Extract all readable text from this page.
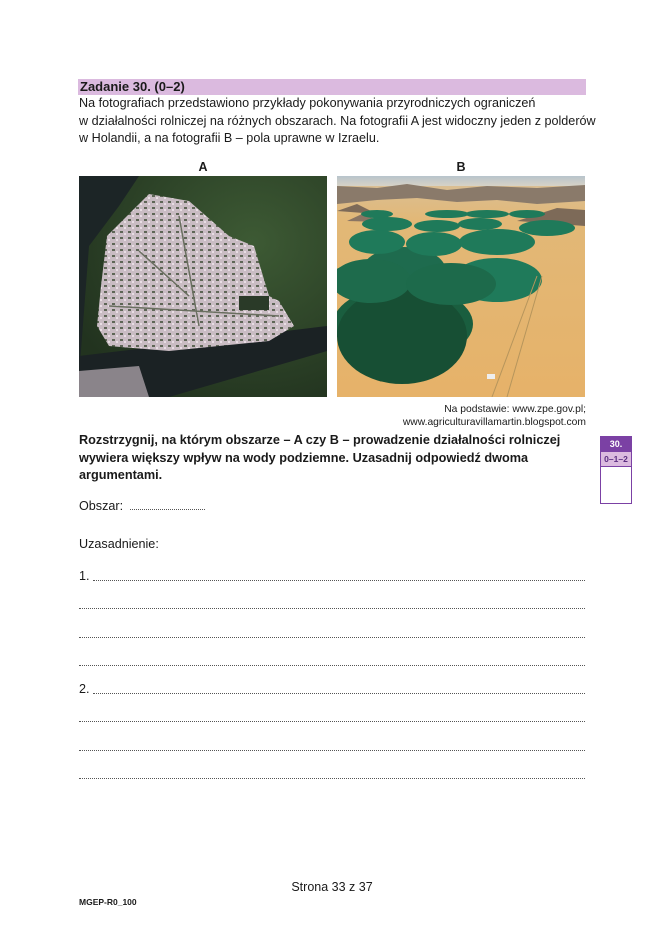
Zadanie 30. (0–2)
Na fotografiach przedstawiono przykłady pokonywania przyrodniczych ograniczeń
w działalności rolniczej na różnych obszarach. Na fotografii A jest widoczny jeden z polderów
w Holandii, a na fotografii B – pola uprawne w Izraelu.
A	B
Na podstawie: www.zpe.gov.pl; www.agriculturavillamartin.blogspot.com
Rozstrzygnij, na którym obszarze – A czy B – prowadzenie działalności rolniczej
wywiera większy wpływ na wody podziemne. Uzasadnij odpowiedź dwoma
argumentami.
Obszar:
Uzasadnienie:
1.
2.
30.
0–1–2
Strona 33 z 37
MGEP-R0_100
